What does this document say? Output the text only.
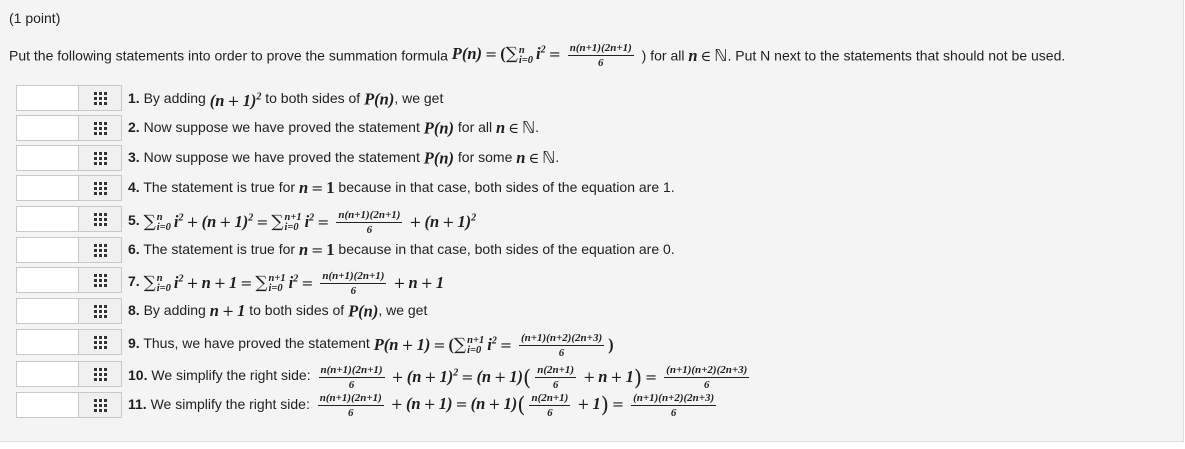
(1 point)
Put the following statements into order to prove the summation formula P(n) = (∑ n
i=0 $i^2 = \frac{n(n+1)(2n+1)}{6}$ ) for all n ∈ ℕ. Put N next to the statements that should not be used.
1. By adding $(n + 1)^2$ to both sides of P(n), we get
2. Now suppose we have proved the statement P(n) for all n ∈ ℕ.
3. Now suppose we have proved the statement P(n) for some n ∈ ℕ.
4. The statement is true for n = 1 because in that case, both sides of the equation are 1.
5. ∑ n
i=0 $i^2 + (n + 1)^2$ = ∑ n+1
i=0 $i^2 = \frac{n(n+1)(2n+1)}{6} + (n + 1)^2$
6. The statement is true for n = 1 because in that case, both sides of the equation are 0.
7. ∑ n
i=0 $i^2 + n + 1$ = ∑ n+1
i=0 $i^2 = \frac{n(n+1)(2n+1)}{6} + n + 1$
8. By adding n + 1 to both sides of P(n), we get
9. Thus, we have proved the statement P(n + 1) = (∑ n+1
i=0 $i^2 = \frac{(n+1)(n+2)(2n+3)}{6}$ )
10. We simplify the right side: $\frac{n(n+1)(2n+1)}{6} + (n + 1)^2 = (n + 1)( \frac{n(2n+1)}{6} + n + 1) = \frac{(n+1)(n+2)(2n+3)}{6}$
11. We simplify the right side: $\frac{n(n+1)(2n+1)}{6} + (n + 1) = (n + 1)( \frac{n(2n+1)}{6} + 1) = \frac{(n+1)(n+2)(2n+3)}{6}$
